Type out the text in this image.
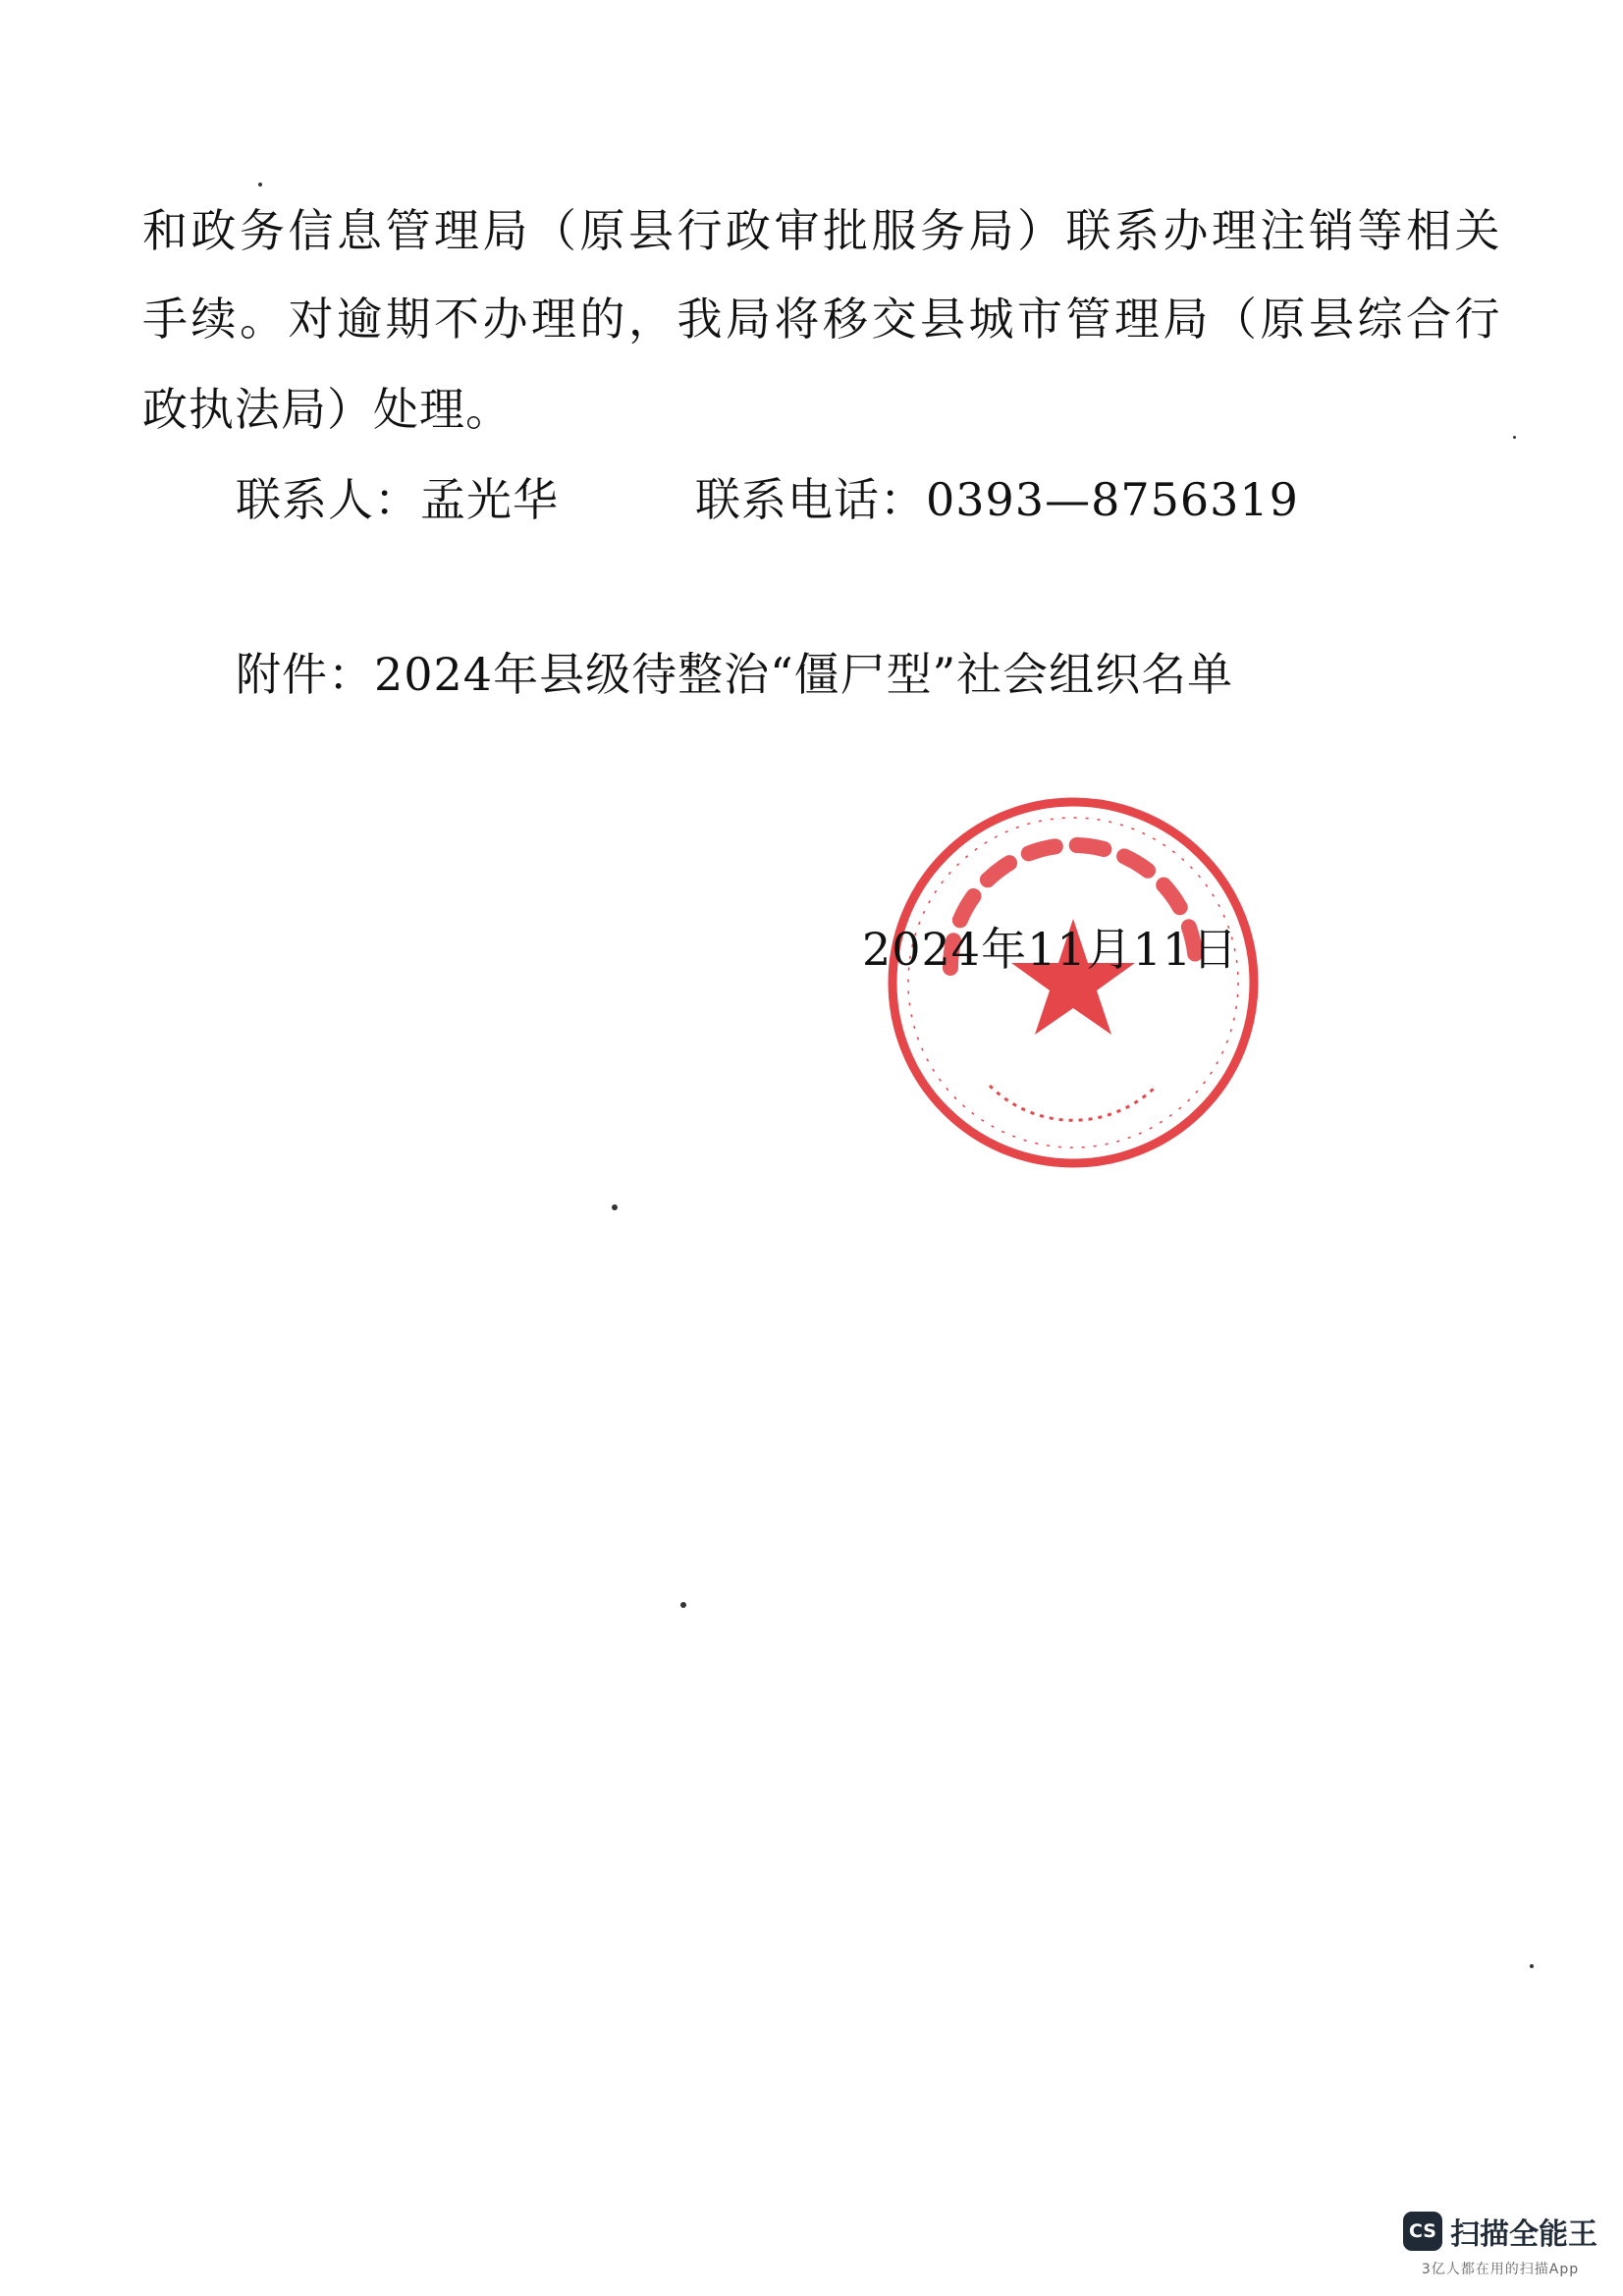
和政务信息管理局（原县行政审批服务局）联系办理注销等相关
手续。对逾期不办理的，我局将移交县城市管理局（原县综合行
政执法局）处理。
联系人：孟光华	联系电话：0393—8756319
附件：2024年县级待整治“僵尸型”社会组织名单
2024年11月11日
CS 扫描全能王
3亿人都在用的扫描App
